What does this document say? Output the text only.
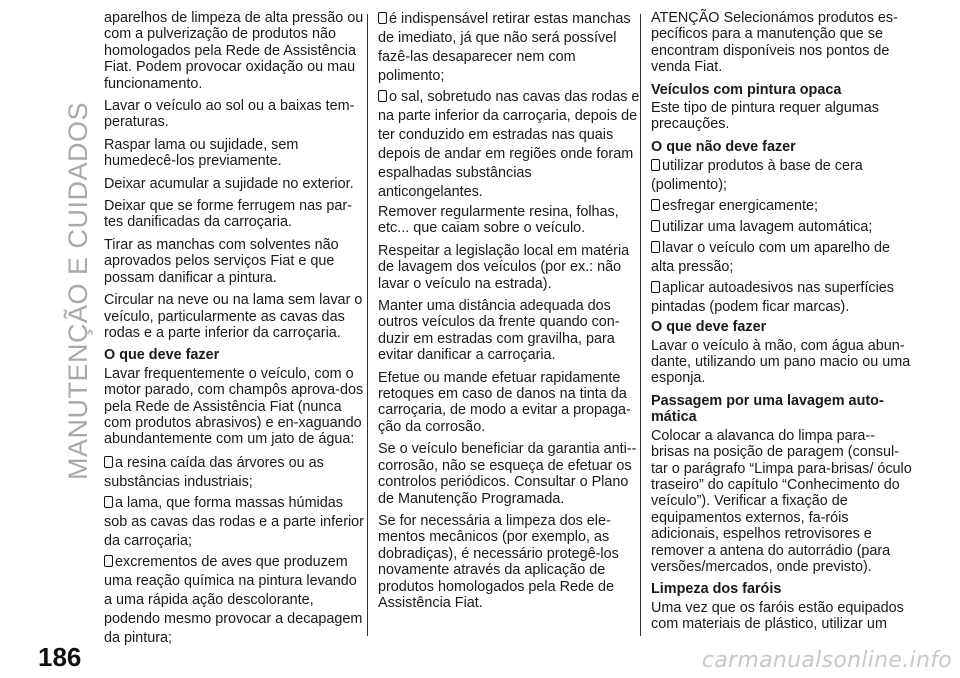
MANUTENÇÃO E CUIDADOS
186

aparelhos de limpeza de alta pressão ou com a pulverização de produtos não homologados pela Rede de Assistência Fiat. Podem provocar oxidação ou mau funcionamento.

Lavar o veículo ao sol ou a baixas tem-peraturas.

Raspar lama ou sujidade, sem humedecê-los previamente.

Deixar acumular a sujidade no exterior.

Deixar que se forme ferrugem nas par-tes danificadas da carroçaria.

Tirar as manchas com solventes não aprovados pelos serviços Fiat e que possam danificar a pintura.

Circular na neve ou na lama sem lavar o veículo, particularmente as cavas das rodas e a parte inferior da carroçaria.

O que deve fazer

Lavar frequentemente o veículo, com o motor parado, com champôs aprova-dos pela Rede de Assistência Fiat (nunca com produtos abrasivos) e en-xaguando abundantemente com um jato de água:

a resina caída das árvores ou as substâncias industriais;

a lama, que forma massas húmidas sob as cavas das rodas e a parte inferior da carroçaria;

excrementos de aves que produzem uma reação química na pintura levando a uma rápida ação descolorante, podendo mesmo provocar a decapagem da pintura;

é indispensável retirar estas manchas de imediato, já que não será possível fazê-las desaparecer nem com polimento;

o sal, sobretudo nas cavas das rodas e na parte inferior da carroçaria, depois de ter conduzido em estradas nas quais depois de andar em regiões onde foram espalhadas substâncias anticongelantes.

Remover regularmente resina, folhas, etc... que caiam sobre o veículo.

Respeitar a legislação local em matéria de lavagem dos veículos (por ex.: não lavar o veículo na estrada).

Manter uma distância adequada dos outros veículos da frente quando con-duzir em estradas com gravilha, para evitar danificar a carroçaria.

Efetue ou mande efetuar rapidamente retoques em caso de danos na tinta da carroçaria, de modo a evitar a propaga-ção da corrosão.

Se o veículo beneficiar da garantia anti--corrosão, não se esqueça de efetuar os controlos periódicos. Consultar o Plano de Manutenção Programada.

Se for necessária a limpeza dos ele-mentos mecânicos (por exemplo, as dobradiças), é necessário protegê-los novamente através da aplicação de produtos homologados pela Rede de Assistência Fiat.

ATENÇÃO Selecionámos produtos es-pecíficos para a manutenção que se encontram disponíveis nos pontos de venda Fiat.

Veículos com pintura opaca

Este tipo de pintura requer algumas precauções.

O que não deve fazer

utilizar produtos à base de cera (polimento);

esfregar energicamente;

utilizar uma lavagem automática;

lavar o veículo com um aparelho de alta pressão;

aplicar autoadesivos nas superfícies pintadas (podem ficar marcas).

O que deve fazer

Lavar o veículo à mão, com água abun-dante, utilizando um pano macio ou uma esponja.

Passagem por uma lavagem auto-mática

Colocar a alavanca do limpa para--brisas na posição de paragem (consul-tar o parágrafo “Limpa para-brisas/ óculo traseiro” do capítulo “Conhecimento do veículo”). Verificar a fixação de equipamentos externos, fa-róis adicionais, espelhos retrovisores e remover a antena do autorrádio (para versões/mercados, onde previsto).

Limpeza dos faróis

Uma vez que os faróis estão equipados com materiais de plástico, utilizar um

carmanualsonline.info
